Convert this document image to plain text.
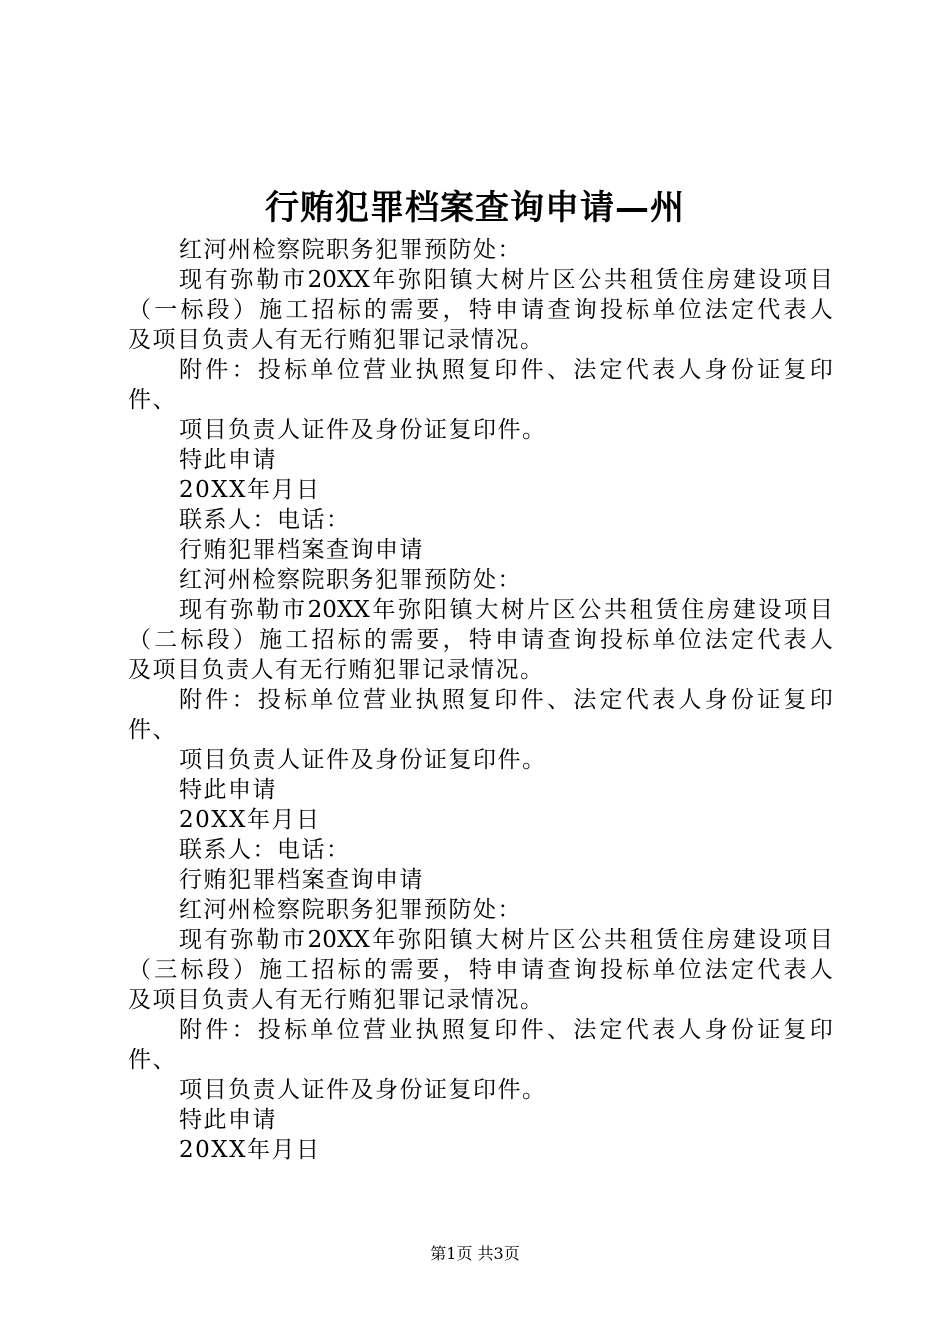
行贿犯罪档案查询申请—州
红河州检察院职务犯罪预防处：
现 有 弥 勒 市 20XX 年 弥 阳 镇 大 树 片 区 公 共 租 赁 住 房 建 设 项 目
（ 一 标 段 ） 施 工 招 标 的 需 要 ， 特 申 请 查 询 投 标 单 位 法 定 代 表 人
及项目负责人有无行贿犯罪记录情况。
附 件 ： 投 标 单 位 营 业 执 照 复 印 件 、 法 定 代 表 人 身 份 证 复 印
件、
项目负责人证件及身份证复印件。
特此申请
20XX年月日
联系人：电话：
行贿犯罪档案查询申请
红河州检察院职务犯罪预防处：
现 有 弥 勒 市 20XX 年 弥 阳 镇 大 树 片 区 公 共 租 赁 住 房 建 设 项 目
（ 二 标 段 ） 施 工 招 标 的 需 要 ， 特 申 请 查 询 投 标 单 位 法 定 代 表 人
及项目负责人有无行贿犯罪记录情况。
附 件 ： 投 标 单 位 营 业 执 照 复 印 件 、 法 定 代 表 人 身 份 证 复 印
件、
项目负责人证件及身份证复印件。
特此申请
20XX年月日
联系人：电话：
行贿犯罪档案查询申请
红河州检察院职务犯罪预防处：
现 有 弥 勒 市 20XX 年 弥 阳 镇 大 树 片 区 公 共 租 赁 住 房 建 设 项 目
（ 三 标 段 ） 施 工 招 标 的 需 要 ， 特 申 请 查 询 投 标 单 位 法 定 代 表 人
及项目负责人有无行贿犯罪记录情况。
附 件 ： 投 标 单 位 营 业 执 照 复 印 件 、 法 定 代 表 人 身 份 证 复 印
件、
项目负责人证件及身份证复印件。
特此申请
20XX年月日
第1页 共3页
